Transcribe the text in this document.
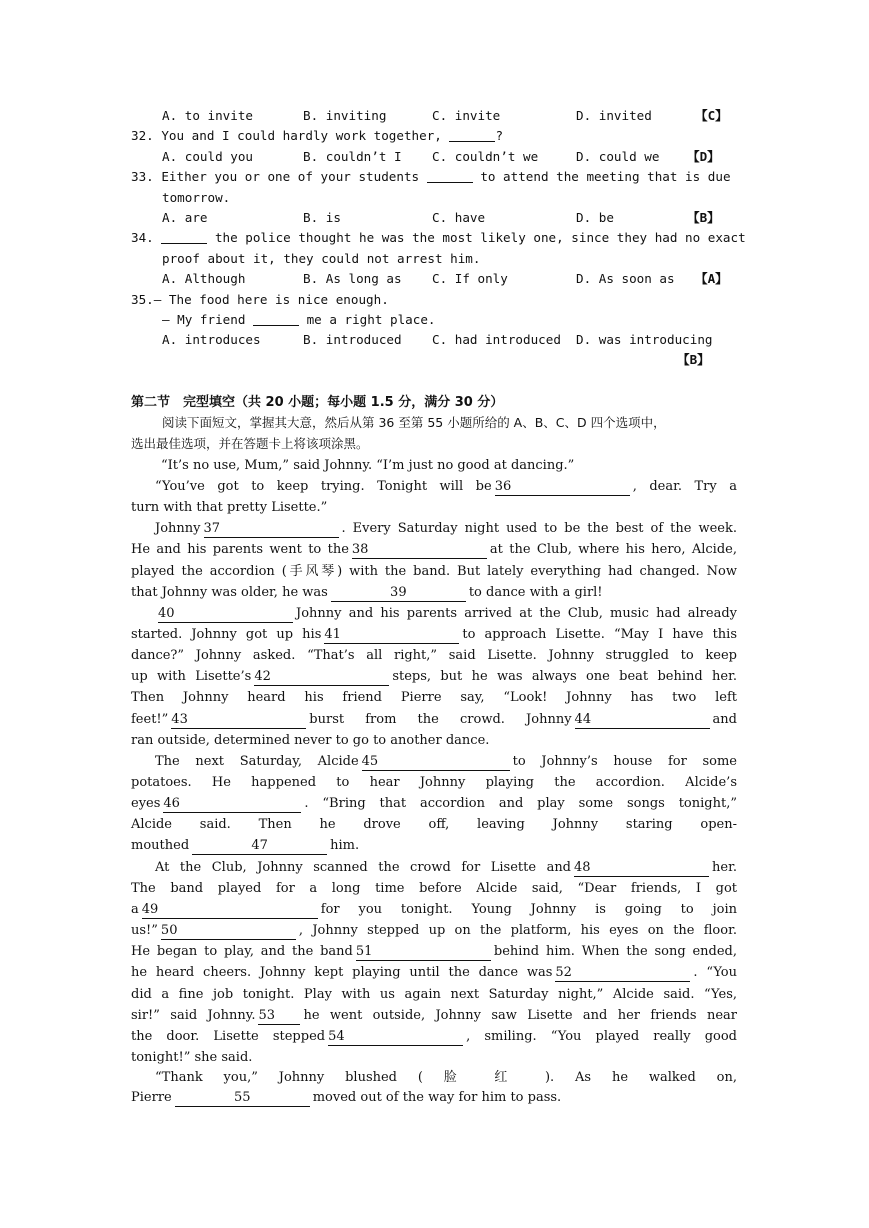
A. to invite	B. inviting	C. invite	D. invited	【C】
32. You and I could hardly work together,	?
A. could you	B. couldn’t I C. couldn’t we	D. could we 【D】
33. Either you or one of your students	to attend the meeting that is due
tomorrow.
A. are	B. is	C. have	D. be	【B】
34.	the police thought he was the most likely one, since they had no exact
proof about it, they could not arrest him.
A. Although	B. As long as C. If only	D. As soon as 【A】
35.— The food here is nice enough.
— My friend	me a right place.
A. introduces	B. introduced C. had introduced D. was introducing
【B】
第二节　完型填空（共 20 小题；每小题 1.5 分，满分 30 分）
阅读下面短文，掌握其大意，然后从第 36 至第 55 小题所给的 A、B、C、D 四个选项中，
选出最佳选项，并在答题卡上将该项涂黑。
“It’s no use, Mum,” said Johnny. “I’m just no good at dancing.”
“You’ve got to keep trying. Tonight will be 36	, dear. Try a
turn with that pretty Lisette.”
Johnny 37	. Every Saturday night used to be the best of the week.
He and his parents went to the 38	at the Club, where his hero, Alcide,
played the accordion (手风琴) with the band. But lately everything had changed. Now
that Johnny was older, he was	39	to dance with a girl!
40	Johnny and his parents arrived at the Club, music had already
started. Johnny got up his 41	to approach Lisette. “May I have this
dance?” Johnny asked. “That’s all right,” said Lisette. Johnny struggled to keep
up with Lisette’s 42	steps, but he was always one beat behind her.
Then Johnny heard his friend Pierre say, “Look! Johnny has two left
feet!” 43	burst from the crowd. Johnny 44	and
ran outside, determined never to go to another dance.
The next Saturday, Alcide 45	to Johnny’s house for some
potatoes. He happened to hear Johnny playing the accordion. Alcide’s
eyes 46	. “Bring that accordion and play some songs tonight,”
Alcide said. Then he drove off, leaving Johnny staring open-
mouthed	47	him.
At the Club, Johnny scanned the crowd for Lisette and 48	her.
The band played for a long time before Alcide said, “Dear friends, I got
a 49	for you tonight. Young Johnny is going to join
us!” 50	, Johnny stepped up on the platform, his eyes on the floor.
He began to play, and the band 51	behind him. When the song ended,
he heard cheers. Johnny kept playing until the dance was 52	. “You
did a fine job tonight. Play with us again next Saturday night,” Alcide said. “Yes,
sir!” said Johnny. 53 he went outside, Johnny saw Lisette and her friends near
the door. Lisette stepped 54	, smiling. “You played really good
tonight!” she said.
“Thank you,” Johnny blushed ( 脸 红 ). As he walked on,
Pierre	55	moved out of the way for him to pass.
